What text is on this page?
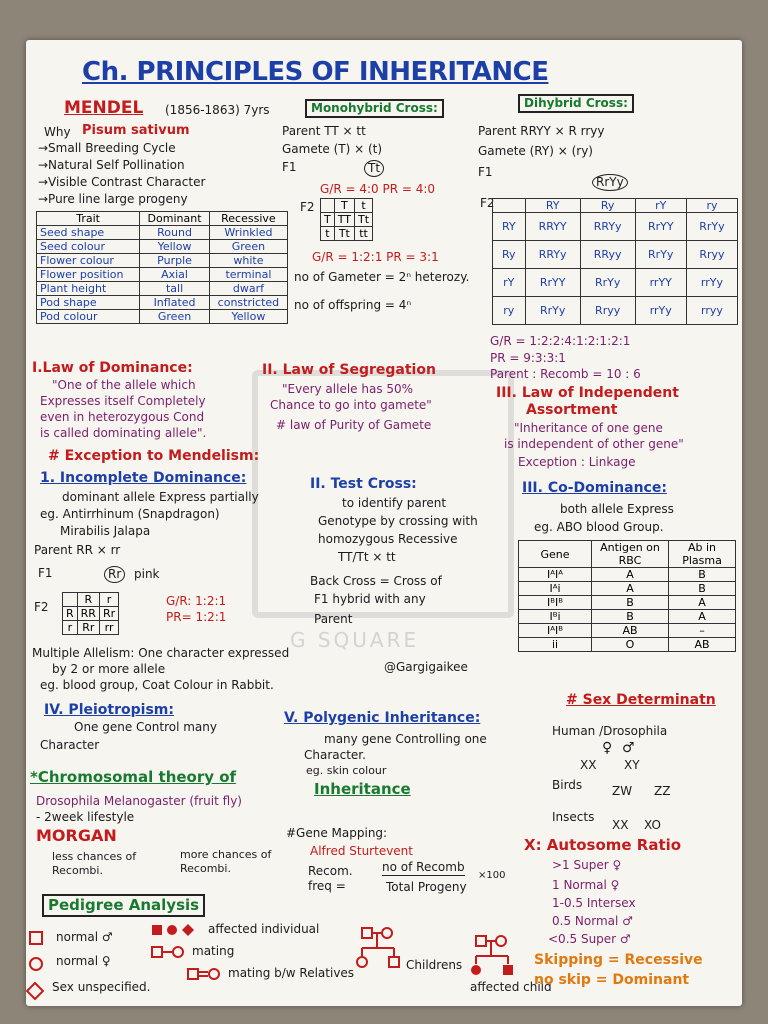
G SQUARE
Ch. PRINCIPLES OF INHERITANCE
MENDEL (1856-1863) 7yrs
Why Pisum sativum
→Small Breeding Cycle
→Natural Self Pollination
→Visible Contrast Character
→Pure line large progeny
Trait	Dominant	Recessive
Seed shape	Round	Wrinkled
Seed colour	Yellow	Green
Flower colour	Purple	white
Flower position	Axial	terminal
Plant height	tall	dwarf
Pod shape	Inflated	constricted
Pod colour	Green	Yellow
Monohybrid Cross:
Parent TT × tt
Gamete (T) × (t)
F1	Tt
G/R = 4:0 PR = 4:0
F2
	T	t
T	TT	Tt
t	Tt	tt
G/R = 1:2:1 PR = 3:1
no of Gameter = 2ⁿ heterozy.
no of offspring = 4ⁿ
Dihybrid Cross:
Parent RRYY × R rryy
Gamete (RY) × (ry)
F1
RrYy
F2
		RY	Ry	rY	ry
RY	RRYY	RRYy	RrYY	RrYy
Ry	RRYy	RRyy	RrYy	Rryy
rY	RrYY	RrYy	rrYY	rrYy
ry	RrYy	Rryy	rrYy	rryy
G/R = 1:2:2:4:1:2:1:2:1
PR = 9:3:3:1
Parent : Recomb = 10 : 6
I.Law of Dominance:
"One of the allele which
Expresses itself Completely
even in heterozygous Cond
is called dominating allele".
II. Law of Segregation
"Every allele has 50%
Chance to go into gamete"
# law of Purity of Gamete
III. Law of Independent
Assortment
"Inheritance of one gene
is independent of other gene"
Exception : Linkage
# Exception to Mendelism:
1. Incomplete Dominance:
dominant allele Express partially
eg. Antirrhinum (Snapdragon)
Mirabilis Jalapa
Parent RR × rr
F1	Rr	pink
F2
	R	r
R	RR	Rr
r	Rr	rr
G/R: 1:2:1
PR= 1:2:1
II. Test Cross:
to identify parent
Genotype by crossing with
homozygous Recessive
TT/Tt × tt
Back Cross = Cross of
F1 hybrid with any
Parent
III. Co-Dominance:
both allele Express
eg. ABO blood Group.
Gene	Antigen on RBC	Ab in Plasma
IᴬIᴬ	A	B
Iᴬi	A	B
IᴮIᴮ	B	A
Iᴮi	B	A
IᴬIᴮ	AB	–
ii	O	AB
Multiple Allelism: One character expressed
by 2 or more allele
eg. blood group, Coat Colour in Rabbit.
@Gargigaikee
IV. Pleiotropism:
One gene Control many
Character
V. Polygenic Inheritance:
many gene Controlling one
Character.
eg. skin colour
# Sex Determinatn
Human /Drosophila
♀ ♂
XX XY
Birds ZW ZZ
Insects
XX XO
*Chromosomal theory of
Inheritance
Drosophila Melanogaster (fruit fly)
- 2week lifestyle
MORGAN
less chances of Recombi.
more chances of Recombi.
#Gene Mapping:
Alfred Sturtevent
Recom. freq =
no of Recomb
Total Progeny
×100
X: Autosome Ratio
>1 Super ♀
1 Normal ♀
1-0.5 Intersex
0.5 Normal ♂
<0.5 Super ♂
Pedigree Analysis
normal ♂
normal ♀
Sex unspecified.
affected individual
mating
mating b/w Relatives
Childrens
affected child
Skipping = Recessive
no skip = Dominant
